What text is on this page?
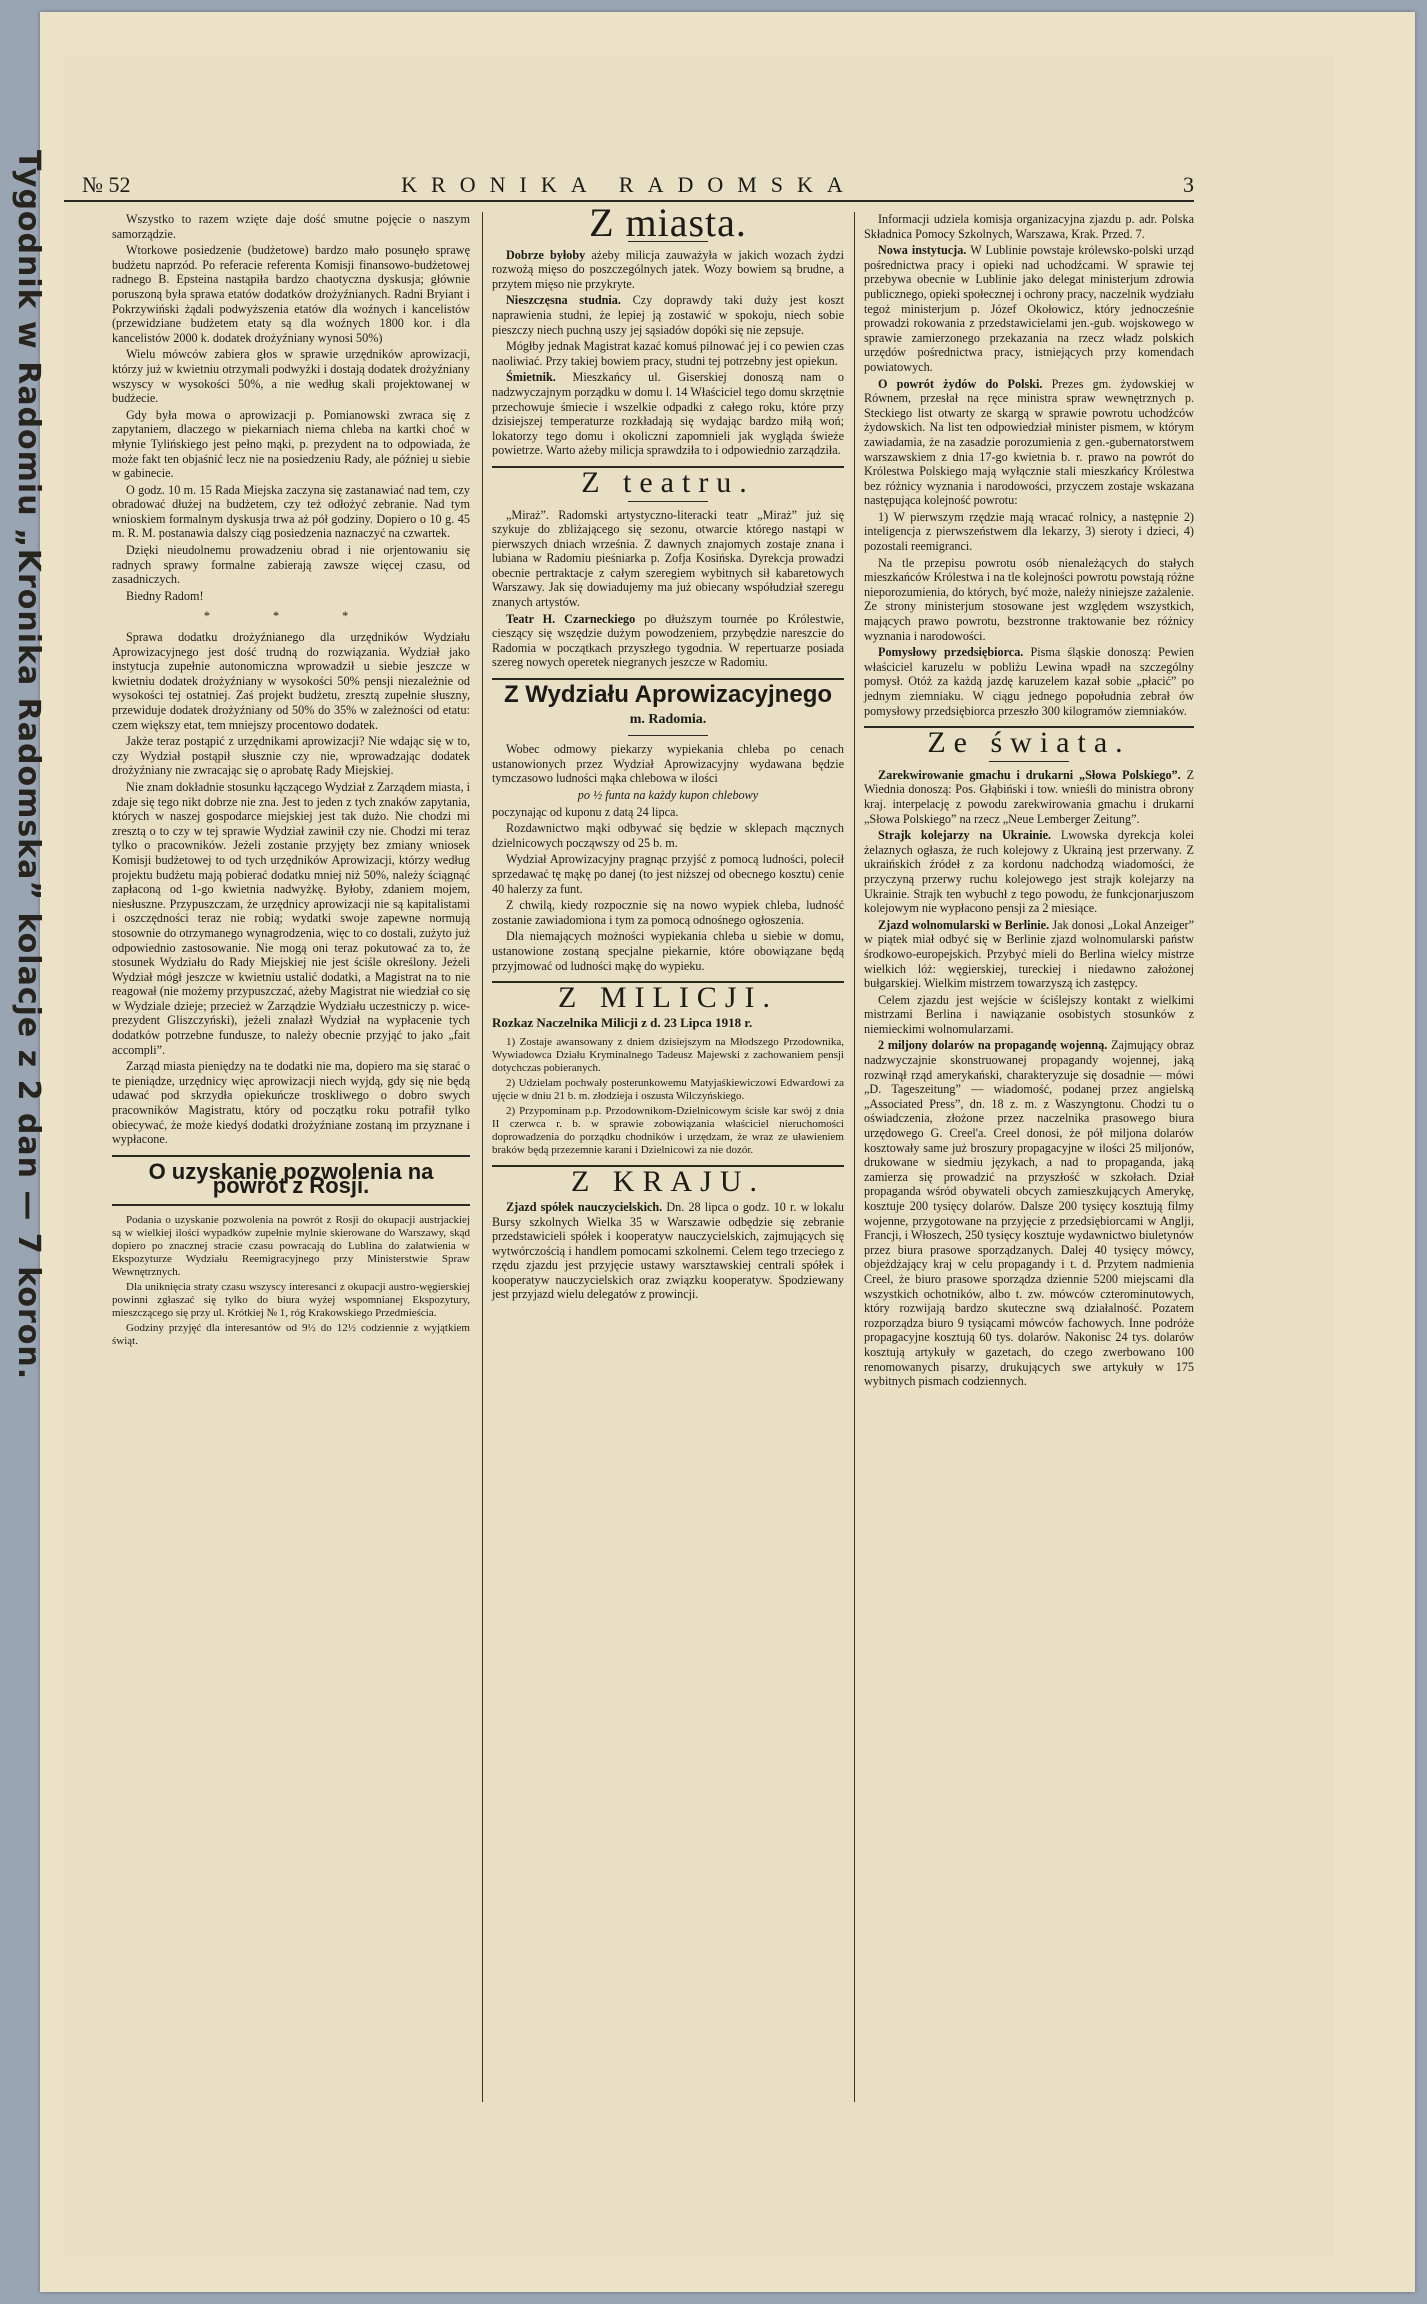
Tygodnik w Radomiu „Kronika Radomska” kolacje z 2 dan — 7 koron. № 52	KRONIKA RADOMSKA	3

Wszystko to razem wzięte daje dość smutne pojęcie o naszym samorządzie.

Wtorkowe posiedzenie (budżetowe) bardzo mało posunęło sprawę budżetu naprzód. Po referacie referenta Komisji finansowo-budżetowej radnego B. Epsteina nastąpiła bardzo chaotyczna dyskusja; głównie poruszoną była sprawa etatów dodatków drożyźnianych. Radni Bryiant i Pokrzywiński żądali podwyższenia etatów dla woźnych i kancelistów (przewidziane budżetem etaty są dla woźnych 1800 kor. i dla kancelistów 2000 k. dodatek drożyźniany wynosi 50%)

Wielu mówców zabiera głos w sprawie urzędników aprowizacji, którzy już w kwietniu otrzymali podwyżki i dostają dodatek drożyźniany wszyscy w wysokości 50%, a nie według skali projektowanej w budżecie.

Gdy była mowa o aprowizacji p. Pomianowski zwraca się z zapytaniem, dlaczego w piekarniach niema chleba na kartki choć w młynie Tylińskiego jest pełno mąki, p. prezydent na to odpowiada, że może fakt ten objaśnić lecz nie na posiedzeniu Rady, ale później u siebie w gabinecie.

O godz. 10 m. 15 Rada Miejska zaczyna się zastanawiać nad tem, czy obradować dłużej na budżetem, czy też odłożyć zebranie. Nad tym wnioskiem formalnym dyskusja trwa aż pół godziny. Dopiero o 10 g. 45 m. R. M. postanawia dalszy ciąg posiedzenia naznaczyć na czwartek.

Dzięki nieudolnemu prowadzeniu obrad i nie orjentowaniu się radnych sprawy formalne zabierają zawsze więcej czasu, od zasadniczych.

Biedny Radom!

* * *

Sprawa dodatku drożyźnianego dla urzędników Wydziału Aprowizacyjnego jest dość trudną do rozwiązania. Wydział jako instytucja zupełnie autonomiczna wprowadził u siebie jeszcze w kwietniu dodatek drożyźniany w wysokości 50% pensji niezależnie od wysokości tej ostatniej. Zaś projekt budżetu, zresztą zupełnie słuszny, przewiduje dodatek drożyźniany od 50% do 35% w zależności od etatu: czem większy etat, tem mniejszy procentowo dodatek.

Jakże teraz postąpić z urzędnikami aprowizacji? Nie wdając się w to, czy Wydział postąpił słusznie czy nie, wprowadzając dodatek drożyźniany nie zwracając się o aprobatę Rady Miejskiej.

Nie znam dokładnie stosunku łączącego Wydział z Zarządem miasta, i zdaje się tego nikt dobrze nie zna. Jest to jeden z tych znaków zapytania, których w naszej gospodarce miejskiej jest tak dużo. Nie chodzi mi zresztą o to czy w tej sprawie Wydział zawinił czy nie. Chodzi mi teraz tylko o pracowników. Jeżeli zostanie przyjęty bez zmiany wniosek Komisji budżetowej to od tych urzędników Aprowizacji, którzy według projektu budżetu mają pobierać dodatku mniej niż 50%, należy ściągnąć zapłaconą od 1-go kwietnia nadwyżkę. Byłoby, zdaniem mojem, niesłuszne. Przypuszczam, że urzędnicy aprowizacji nie są kapitalistami i oszczędności teraz nie robią; wydatki swoje zapewne normują stosownie do otrzymanego wynagrodzenia, więc to co dostali, zużyto już odpowiednio zastosowanie. Nie mogą oni teraz pokutować za to, że stosunek Wydziału do Rady Miejskiej nie jest ściśle określony. Jeżeli Wydział mógł jeszcze w kwietniu ustalić dodatki, a Magistrat na to nie reagował (nie możemy przypuszczać, ażeby Magistrat nie wiedział co się w Wydziale dzieje; przecież w Zarządzie Wydziału uczestniczy p. wice-prezydent Gliszczyński), jeżeli znalazł Wydział na wypłacenie tych dodatków potrzebne fundusze, to należy obecnie przyjąć to jako „fait accompli”.

Zarząd miasta pieniędzy na te dodatki nie ma, dopiero ma się starać o te pieniądze, urzędnicy więc aprowizacji niech wyjdą, gdy się nie będą udawać pod skrzydła opiekuńcze troskliwego o dobro swych pracowników Magistratu, który od początku roku potrafił tylko obiecywać, że może kiedyś dodatki drożyźniane zostaną im przyznane i wypłacone.

O uzyskanie pozwolenia na powrót z Rosji.

Podania o uzyskanie pozwolenia na powrót z Rosji do okupacji austrjackiej są w wielkiej ilości wypadków zupełnie mylnie skierowane do Warszawy, skąd dopiero po znacznej stracie czasu powracają do Lublina do załatwienia w Ekspozyturze Wydziału Reemigracyjnego przy Ministerstwie Spraw Wewnętrznych.

Dla uniknięcia straty czasu wszyscy interesanci z okupacji austro-węgierskiej powinni zgłaszać się tylko do biura wyżej wspomnianej Ekspozytury, mieszczącego się przy ul. Krótkiej № 1, róg Krakowskiego Przedmieścia.

Godziny przyjęć dla interesantów od 9½ do 12½ codziennie z wyjątkiem świąt.

Z miasta.

Dobrze byłoby ażeby milicja zauważyła w jakich wozach żydzi rozwożą mięso do poszczególnych jatek. Wozy bowiem są brudne, a przytem mięso nie przykryte.

Nieszczęsna studnia. Czy doprawdy taki duży jest koszt naprawienia studni, że lepiej ją zostawić w spokoju, niech sobie pieszczy niech puchną uszy jej sąsiadów dopóki się nie zepsuje.

Mógłby jednak Magistrat kazać komuś pilnować jej i co pewien czas naoliwiać. Przy takiej bowiem pracy, studni tej potrzebny jest opiekun.

Śmietnik. Mieszkańcy ul. Giserskiej donoszą nam o nadzwyczajnym porządku w domu l. 14 Właściciel tego domu skrzętnie przechowuje śmiecie i wszelkie odpadki z całego roku, które przy dzisiejszej temperaturze rozkładają się wydając bardzo miłą woń; lokatorzy tego domu i okoliczni zapomnieli jak wygląda świeże powietrze. Warto ażeby milicja sprawdziła to i odpowiednio zarządziła.

Z teatru.

„Miraż”. Radomski artystyczno-literacki teatr „Miraż” już się szykuje do zbliżającego się sezonu, otwarcie którego nastąpi w pierwszych dniach września. Z dawnych znajomych zostaje znana i lubiana w Radomiu pieśniarka p. Zofja Kosińska. Dyrekcja prowadzi obecnie pertraktacje z całym szeregiem wybitnych sił kabaretowych Warszawy. Jak się dowiadujemy ma już obiecany współudział szeregu znanych artystów.

Teatr H. Czarneckiego po dłuższym tournée po Królestwie, cieszący się wszędzie dużym powodzeniem, przybędzie nareszcie do Radomia w początkach przyszłego tygodnia. W repertuarze posiada szereg nowych operetek niegranych jeszcze w Radomiu.

Z Wydziału Aprowizacyjnego
m. Radomia.

Wobec odmowy piekarzy wypiekania chleba po cenach ustanowionych przez Wydział Aprowizacyjny wydawana będzie tymczasowo ludności mąka chlebowa w ilości

po ½ funta na każdy kupon chlebowy

poczynając od kuponu z datą 24 lipca.

Rozdawnictwo mąki odbywać się będzie w sklepach mącznych dzielnicowych począwszy od 25 b. m.

Wydział Aprowizacyjny pragnąc przyjść z pomocą ludności, polecił sprzedawać tę mąkę po danej (to jest niższej od obecnego kosztu) cenie 40 halerzy za funt.

Z chwilą, kiedy rozpocznie się na nowo wypiek chleba, ludność zostanie zawiadomiona i tym za pomocą odnośnego ogłoszenia.

Dla niemających możności wypiekania chleba u siebie w domu, ustanowione zostaną specjalne piekarnie, które obowiązane będą przyjmować od ludności mąkę do wypieku.

Z MILICJI.
Rozkaz Naczelnika Milicji z d. 23 Lipca 1918 r.

1) Zostaje awansowany z dniem dzisiejszym na Młodszego Przodownika, Wywiadowca Działu Kryminalnego Tadeusz Majewski z zachowaniem pensji dotychczas pobieranych.

2) Udzielam pochwały posterunkowemu Matyjaśkiewiczowi Edwardowi za ujęcie w dniu 21 b. m. złodzieja i oszusta Wilczyńskiego.

2) Przypominam p.p. Przodownikom-Dzielnicowym ścisłe kar swój z dnia II czerwca r. b. w sprawie zobowiązania właściciel nieruchomości doprowadzenia do porządku chodników i urzędzam, że wraz ze uławieniem braków będą przezemnie karani i Dzielnicowi za nie dozór.

Z KRAJU.

Zjazd spółek nauczycielskich. Dn. 28 lipca o godz. 10 r. w lokalu Bursy szkolnych Wielka 35 w Warszawie odbędzie się zebranie przedstawicieli spółek i kooperatyw nauczycielskich, zajmujących się wytwórczością i handlem pomocami szkolnemi. Celem tego trzeciego z rzędu zjazdu jest przyjęcie ustawy warsztawskiej centrali spółek i kooperatyw nauczycielskich oraz związku kooperatyw. Spodziewany jest przyjazd wielu delegatów z prowincji.

Informacji udziela komisja organizacyjna zjazdu p. adr. Polska Składnica Pomocy Szkolnych, Warszawa, Krak. Przed. 7.

Nowa instytucja. W Lublinie powstaje królewsko-polski urząd pośrednictwa pracy i opieki nad uchodźcami. W sprawie tej przebywa obecnie w Lublinie jako delegat ministerjum zdrowia publicznego, opieki społecznej i ochrony pracy, naczelnik wydziału tegoż ministerjum p. Józef Okołowicz, który jednocześnie prowadzi rokowania z przedstawicielami jen.-gub. wojskowego w sprawie zamierzonego przekazania na rzecz władz polskich urzędów pośrednictwa pracy, istniejących przy komendach powiatowych.

O powrót żydów do Polski. Prezes gm. żydowskiej w Równem, przesłał na ręce ministra spraw wewnętrznych p. Steckiego list otwarty ze skargą w sprawie powrotu uchodźców żydowskich. Na list ten odpowiedział minister pismem, w którym zawiadamia, że na zasadzie porozumienia z gen.-gubernatorstwem warszawskiem z dnia 17-go kwietnia b. r. prawo na powrót do Królestwa Polskiego mają wyłącznie stali mieszkańcy Królestwa bez różnicy wyznania i narodowości, przyczem zostaje wskazana następująca kolejność powrotu:

1) W pierwszym rzędzie mają wracać rolnicy, a następnie 2) inteligencja z pierwszeństwem dla lekarzy, 3) sieroty i dzieci, 4) pozostali reemigranci.

Na tle przepisu powrotu osób nienależących do stałych mieszkańców Królestwa i na tle kolejności powrotu powstają różne nieporozumienia, do których, być może, należy niniejsze zażalenie. Ze strony ministerjum stosowane jest względem wszystkich, mających prawo powrotu, bezstronne traktowanie bez różnicy wyznania i narodowości.

Pomysłowy przedsiębiorca. Pisma śląskie donoszą: Pewien właściciel karuzelu w pobliżu Lewina wpadł na szczególny pomysł. Otóż za każdą jazdę karuzelem kazał sobie „płacić” po jednym ziemniaku. W ciągu jednego popołudnia zebrał ów pomysłowy przedsiębiorca przeszło 300 kilogramów ziemniaków.

Ze świata.

Zarekwirowanie gmachu i drukarni „Słowa Polskiego”. Z Wiednia donoszą: Pos. Głąbiński i tow. wnieśli do ministra obrony kraj. interpelację z powodu zarekwirowania gmachu i drukarni „Słowa Polskiego” na rzecz „Neue Lemberger Zeitung”.

Strajk kolejarzy na Ukrainie. Lwowska dyrekcja kolei żelaznych ogłasza, że ruch kolejowy z Ukrainą jest przerwany. Z ukraińskich źródeł z za kordonu nadchodzą wiadomości, że przyczyną przerwy ruchu kolejowego jest strajk kolejarzy na Ukrainie. Strajk ten wybuchł z tego powodu, że funkcjonarjuszom kolejowym nie wypłacono pensji za 2 miesiące.

Zjazd wolnomularski w Berlinie. Jak donosi „Lokal Anzeiger” w piątek miał odbyć się w Berlinie zjazd wolnomularski państw środkowo-europejskich. Przybyć mieli do Berlina wielcy mistrze wielkich lóż: węgierskiej, tureckiej i niedawno założonej bułgarskiej. Wielkim mistrzem towarzyszą ich zastępcy.

Celem zjazdu jest wejście w ściślejszy kontakt z wielkimi mistrzami Berlina i nawiązanie osobistych stosunków z niemieckimi wolnomularzami.

2 miljony dolarów na propagandę wojenną. Zajmujący obraz nadzwyczajnie skonstruowanej propagandy wojennej, jaką rozwinął rząd amerykański, charakteryzuje się dosadnie — mówi „D. Tageszeitung” — wiadomość, podanej przez angielską „Associated Press”, dn. 18 z. m. z Waszyngtonu. Chodzi tu o oświadczenia, złożone przez naczelnika prasowego biura urzędowego G. Creel'a. Creel donosi, że pół miljona dolarów kosztowały same już broszury propagacyjne w ilości 25 miljonów, drukowane w siedmiu językach, a nad to propaganda, jaką zamierza się prowadzić na przyszłość w szkołach. Dział propaganda wśród obywateli obcych zamieszkujących Amerykę, kosztuje 200 tysięcy dolarów. Dalsze 200 tysięcy kosztują filmy wojenne, przygotowane na przyjęcie z przedsiębiorcami w Anglji, Francji, i Włoszech, 250 tysięcy kosztuje wydawnictwo biuletynów przez biura prasowe sporządzanych. Dalej 40 tysięcy mówcy, objeżdżający kraj w celu propagandy i t. d. Przytem nadmienia Creel, że biuro prasowe sporządza dziennie 5200 miejscami dla wszystkich ochotników, albo t. zw. mówców czterominutowych, który rozwijają bardzo skuteczne swą działalność. Pozatem rozporządza biuro 9 tysiącami mówców fachowych. Inne podróże propagacyjne kosztują 60 tys. dolarów. Nakonisc 24 tys. dolarów kosztują artykuły w gazetach, do czego zwerbowano 100 renomowanych pisarzy, drukujących swe artykuły w 175 wybitnych pismach codziennych.
